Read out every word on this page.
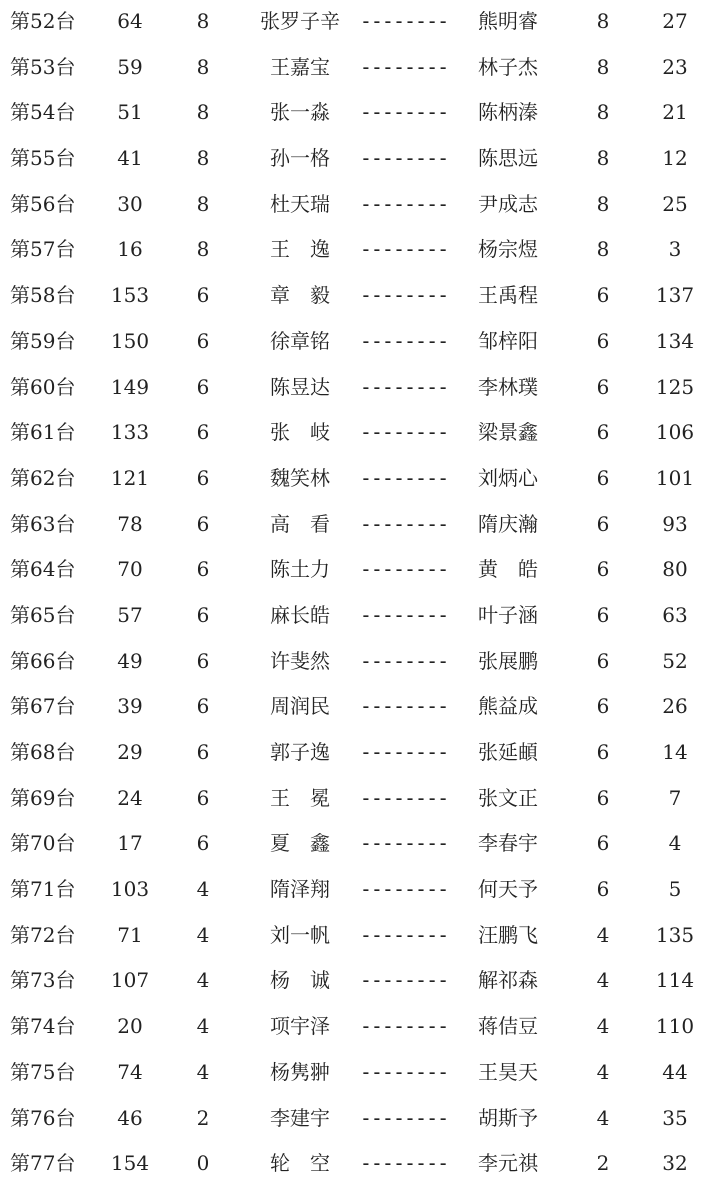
第52台	64	8	张罗子辛 --------	熊明睿	8	27
第53台	59	8	王嘉宝	--------	林子杰	8	23
第54台	51	8	张一淼	--------	陈柄溱	8	21
第55台	41	8	孙一格	--------	陈思远	8	12
第56台	30	8	杜天瑞	--------	尹成志	8	25
第57台	16	8	王　逸	--------	杨宗煜	8	3
第58台	153	6	章　毅	--------	王禹程	6	137
第59台	150	6	徐章铭	--------	邹梓阳	6	134
第60台	149	6	陈昱达	--------	李林璞	6	125
第61台	133	6	张　岐	--------	梁景鑫	6	106
第62台	121	6	魏笑林	--------	刘炳心	6	101
第63台	78	6	高　看	--------	隋庆瀚	6	93
第64台	70	6	陈土力	--------	黄　皓	6	80
第65台	57	6	麻长皓	--------	叶子涵	6	63
第66台	49	6	许斐然	--------	张展鹏	6	52
第67台	39	6	周润民	--------	熊益成	6	26
第68台	29	6	郭子逸	--------	张延頔	6	14
第69台	24	6	王　冕	--------	张文正	6	7
第70台	17	6	夏　鑫	--------	李春宇	6	4
第71台	103	4	隋泽翔	--------	何天予	6	5
第72台	71	4	刘一帆	--------	汪鹏飞	4	135
第73台	107	4	杨　诚	--------	解祁森	4	114
第74台	20	4	项宇泽	--------	蒋佶豆	4	110
第75台	74	4	杨隽翀	--------	王昊天	4	44
第76台	46	2	李建宇	--------	胡斯予	4	35
第77台	154	0	轮　空	--------	李元祺	2	32
